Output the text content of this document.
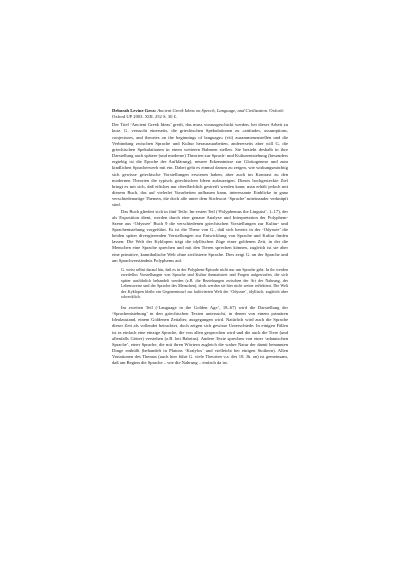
Deborah Levine Gera: Ancient Greek Ideas on Speech, Language, and Civilization. Oxford: Oxford UP 2003. XIII, 252 S. 30 £.

Der Titel ‘Ancient Greek Ideas’ greift, das muss vorausgeschickt werden, bei dieser Arbeit zu kurz. G. versucht einerseits, die griechischen Spekulationen zu «attitudes, assumptions, conjectures, and theories on the beginnings of language» (vii) zusammenzustellen und die Verbindung zwischen Sprache und Kultur herauszuarbeiten, andererseits aber will G. die griechischen Spekulationen in einen weiteren Rahmen stellen. Sie bezieht deshalb in ihre Darstellung auch spätere (und moderne) Theorien zur Sprach- und Kulturentstehung (besonders ergiebig ist die Epoche der Aufklärung), neuere Erkenntnisse zur Glottogenese und zum kindlichen Spracherwerb mit ein. Dabei geht es einmal darum zu zeigen, wie wirkungsmächtig sich gewisse griechische Vorstellungen erwiesen haben, aber auch im Kontrast zu den modernen Theorien die typisch griechischen Ideen aufzuzeigen. Dieses hochgesteckte Ziel bringt es mit sich, daß etliches nur oberflächlich gestreift werden kann; man erhält jedoch mit diesem Buch, das auf vielerlei Vorarbeiten aufbauen kann, interessante Einblicke in ganz verschiedenartige Themen, die doch alle unter dem Stichwort ‘Sprache’ miteinander verknüpft sind.

Das Buch gliedert sich in fünf Teile: Im ersten Teil (‘Polyphemus the Linguist’, 1–17), der als Exposition dient, werden durch eine genaue Analyse und Interpretation der Polyphem-Szene aus ‘Odyssee’ Buch 9 die verschiedenen griechischen Vorstellungen zur Kultur- und Sprachentstehung vorgeführt. Es ist die These von G., daß sich bereits in der ‘Odyssee’ die beiden später divergierenden Vorstellungen zur Entwicklung von Sprache und Kultur finden lassen: Die Welt der Kyklopen trägt die idyllischen Züge einer goldenen Zeit, in der die Menschen eine Sprache sprechen und mit den Tieren sprechen können, zugleich ist sie aber eine primitive, kannibalische Welt ohne zivilisierte Sprache. Dies zeigt G. an der Sprache und am Sprachverständnis Polyphems auf.

G. weist selbst darauf hin, daß es in der Polyphem-Episode nicht nur um Sprache geht. In ihr werden zweifellos Vorstellungen von Sprache und Kultur thematisiert und Fragen aufgeworfen, die sich später ausführlich behandelt werden (z.B. die Beziehungen zwischen der Art der Nahrung, der Lebensweise und der Sprache des Menschen), doch werden sie hier nicht weiter reflektiert. Die Welt der Kyklopen bleibt ein Gegenentwurf zur kultivierten Welt der ‘Odyssee’, idyllisch, zugleich aber schrecklich.

Im zweiten Teil (‘Language in the Golden Age’, 18–67) wird die Darstellung der ‘Sprachentstehung’ in den griechischen Texten untersucht, in denen von einem primären Idealzustand, einem Goldenen Zeitalter, ausgegangen wird. Natürlich wird auch die Sprache dieser Zeit als vollendet betrachtet, doch zeigen sich gewisse Unterschiede: In einigen Fällen ist es einfach eine einzige Sprache, die von allen gesprochen wird und die auch die Tiere (und allenfalls Götter) verstehen (z.B. bei Babrius). Andere Texte sprechen von einer ‘adamischen Sprache’, einer Sprache, die mit ihren Wörtern zugleich die wahre Natur der damit benannten Dinge enthüllt (behandelt in Platons ‘Kratylos’ und vielleicht bei einigen Stoikern). Allen Variationen des Themas (auch hier führt G. viele Theorien v.a. des 18. Jh. an) ist gemeinsam, daß am Beginn die Sprache – wie die Nahrung – einfach da ist.
